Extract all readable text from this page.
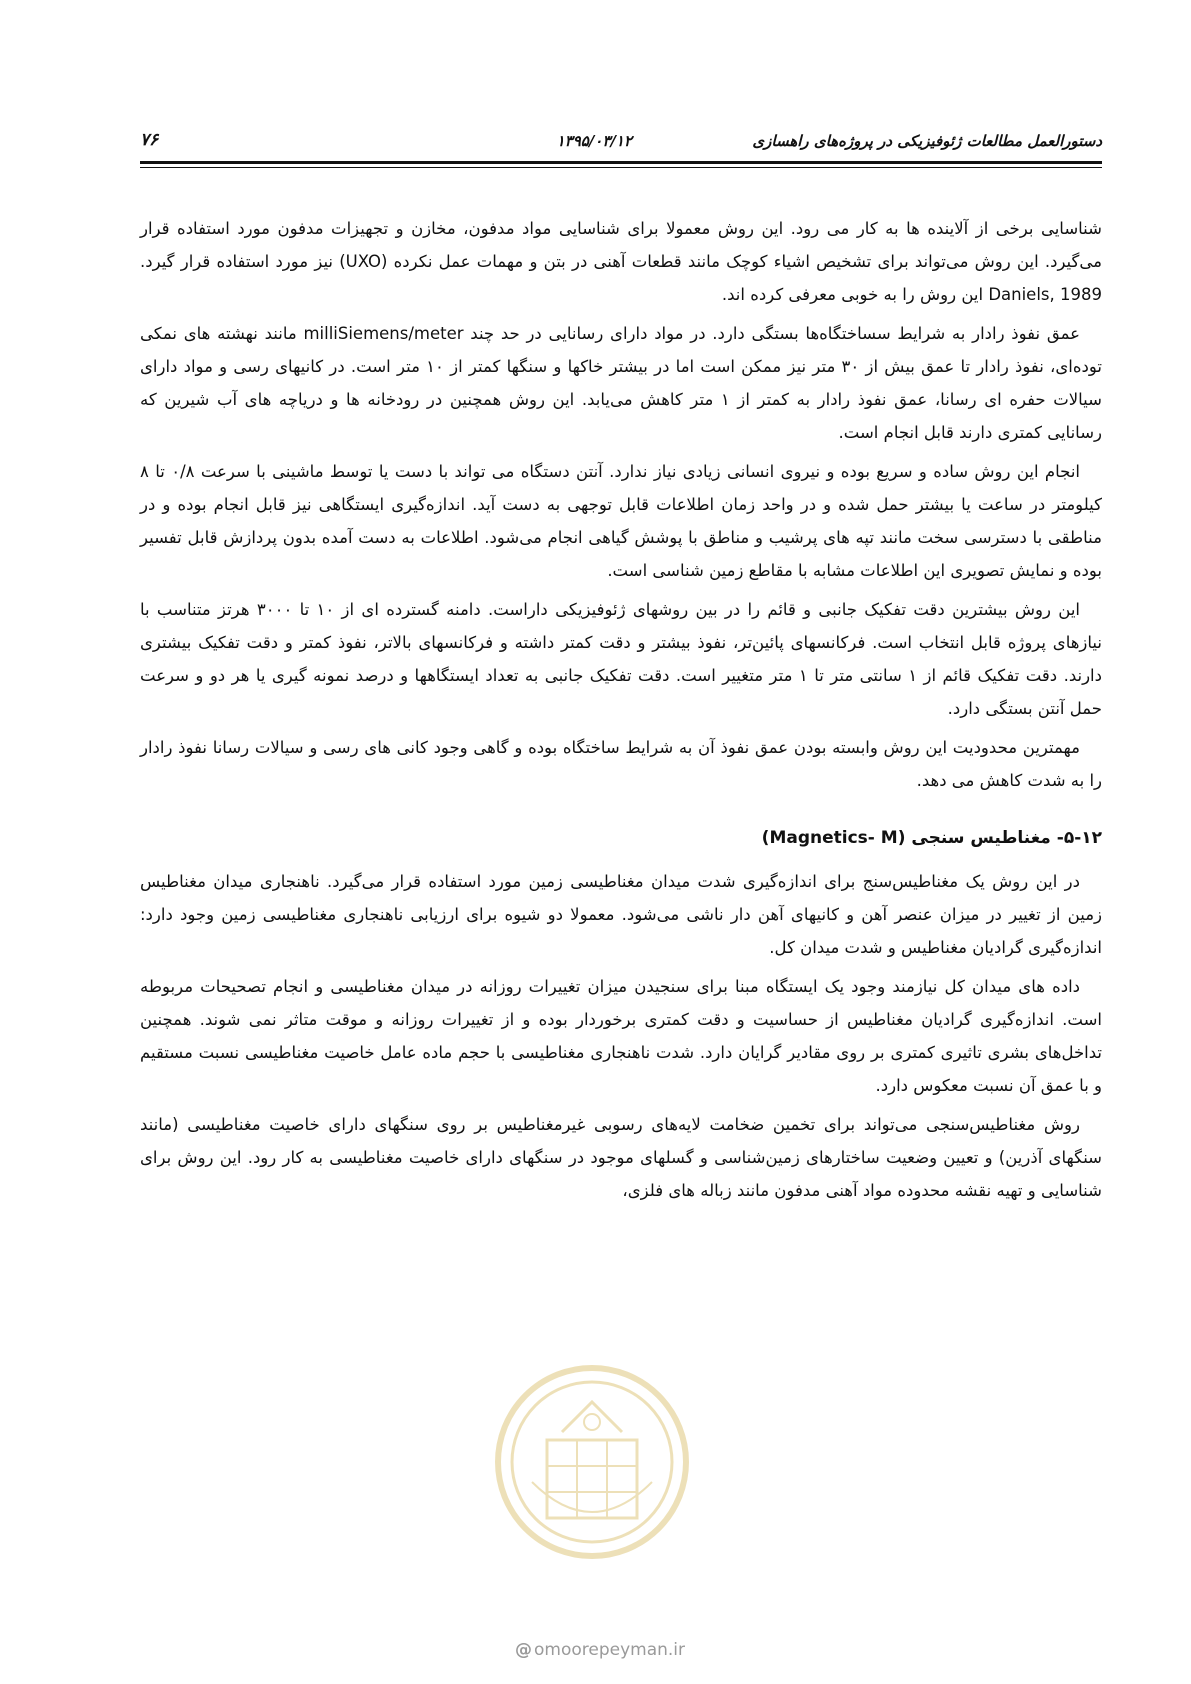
دستورالعمل مطالعات ژئوفیزیکی در پروژه‌های راهسازی
۱۳۹۵/۰۳/۱۲
۷۶

شناسایی برخی از آلاینده ها به کار می رود. این روش معمولا برای شناسایی مواد مدفون، مخازن و تجهیزات مدفون مورد استفاده قرار می‌گیرد. این روش می‌تواند برای تشخیص اشیاء کوچک مانند قطعات آهنی در بتن و مهمات عمل نکرده (UXO) نیز مورد استفاده قرار گیرد. Daniels, 1989 این روش را به خوبی معرفی کرده اند.

عمق نفوذ رادار به شرایط سساختگاه‌ها بستگی دارد. در مواد دارای رسانایی در حد چند milliSiemens/meter مانند نهشته های نمکی توده‌ای، نفوذ رادار تا عمق بیش از ۳۰ متر نیز ممکن است اما در بیشتر خاکها و سنگها کمتر از ۱۰ متر است. در کانیهای رسی و مواد دارای سیالات حفره ای رسانا، عمق نفوذ رادار به کمتر از ۱ متر کاهش می‌یابد. این روش همچنین در رودخانه ها و دریاچه های آب شیرین که رسانایی کمتری دارند قابل انجام است.

انجام این روش ساده و سریع بوده و نیروی انسانی زیادی نیاز ندارد. آنتن دستگاه می تواند با دست یا توسط ماشینی با سرعت ۰/۸ تا ۸ کیلومتر در ساعت یا بیشتر حمل شده و در واحد زمان اطلاعات قابل توجهی به دست آید. اندازه‌گیری ایستگاهی نیز قابل انجام بوده و در مناطقی با دسترسی سخت مانند تپه های پرشیب و مناطق با پوشش گیاهی انجام می‌شود. اطلاعات به دست آمده بدون پردازش قابل تفسیر بوده و نمایش تصویری این اطلاعات مشابه با مقاطع زمین شناسی است.

این روش بیشترین دقت تفکیک جانبی و قائم را در بین روشهای ژئوفیزیکی داراست. دامنه گسترده ای از ۱۰ تا ۳۰۰۰ هرتز متناسب با نیازهای پروژه قابل انتخاب است. فرکانسهای پائین‌تر، نفوذ بیشتر و دقت کمتر داشته و فرکانسهای بالاتر، نفوذ کمتر و دقت تفکیک بیشتری دارند. دقت تفکیک قائم از ۱ سانتی متر تا ۱ متر متغییر است. دقت تفکیک جانبی به تعداد ایستگاهها و درصد نمونه گیری یا هر دو و سرعت حمل آنتن بستگی دارد.

مهمترین محدودیت این روش وابسته بودن عمق نفوذ آن به شرایط ساختگاه بوده و گاهی وجود کانی های رسی و سیالات رسانا نفوذ رادار را به شدت کاهش می دهد.

۵-۱۲- مغناطیس سنجی (Magnetics- M)

در این روش یک مغناطیس‌سنج برای اندازه‌گیری شدت میدان مغناطیسی زمین مورد استفاده قرار می‌گیرد. ناهنجاری میدان مغناطیس زمین از تغییر در میزان عنصر آهن و کانیهای آهن دار ناشی می‌شود. معمولا دو شیوه برای ارزیابی ناهنجاری مغناطیسی زمین وجود دارد: اندازه‌گیری گرادیان مغناطیس و شدت میدان کل.

داده های میدان کل نیازمند وجود یک ایستگاه مبنا برای سنجیدن میزان تغییرات روزانه در میدان مغناطیسی و انجام تصحیحات مربوطه است. اندازه‌گیری گرادیان مغناطیس از حساسیت و دقت کمتری برخوردار بوده و از تغییرات روزانه و موقت متاثر نمی شوند. همچنین تداخل‌های بشری تاثیری کمتری بر روی مقادیر گرایان دارد. شدت ناهنجاری مغناطیسی با حجم ماده عامل خاصیت مغناطیسی نسبت مستقیم و با عمق آن نسبت معکوس دارد.

روش مغناطیس‌سنجی می‌تواند برای تخمین ضخامت لایه‌های رسوبی غیرمغناطیس بر روی سنگهای دارای خاصیت مغناطیسی (مانند سنگهای آذرین) و تعیین وضعیت ساختارهای زمین‌شناسی و گسلهای موجود در سنگهای دارای خاصیت مغناطیسی به کار رود. این روش برای شناسایی و تهیه نقشه محدوده مواد آهنی مدفون مانند زباله های فلزی،

@ omoorepeyman.ir
